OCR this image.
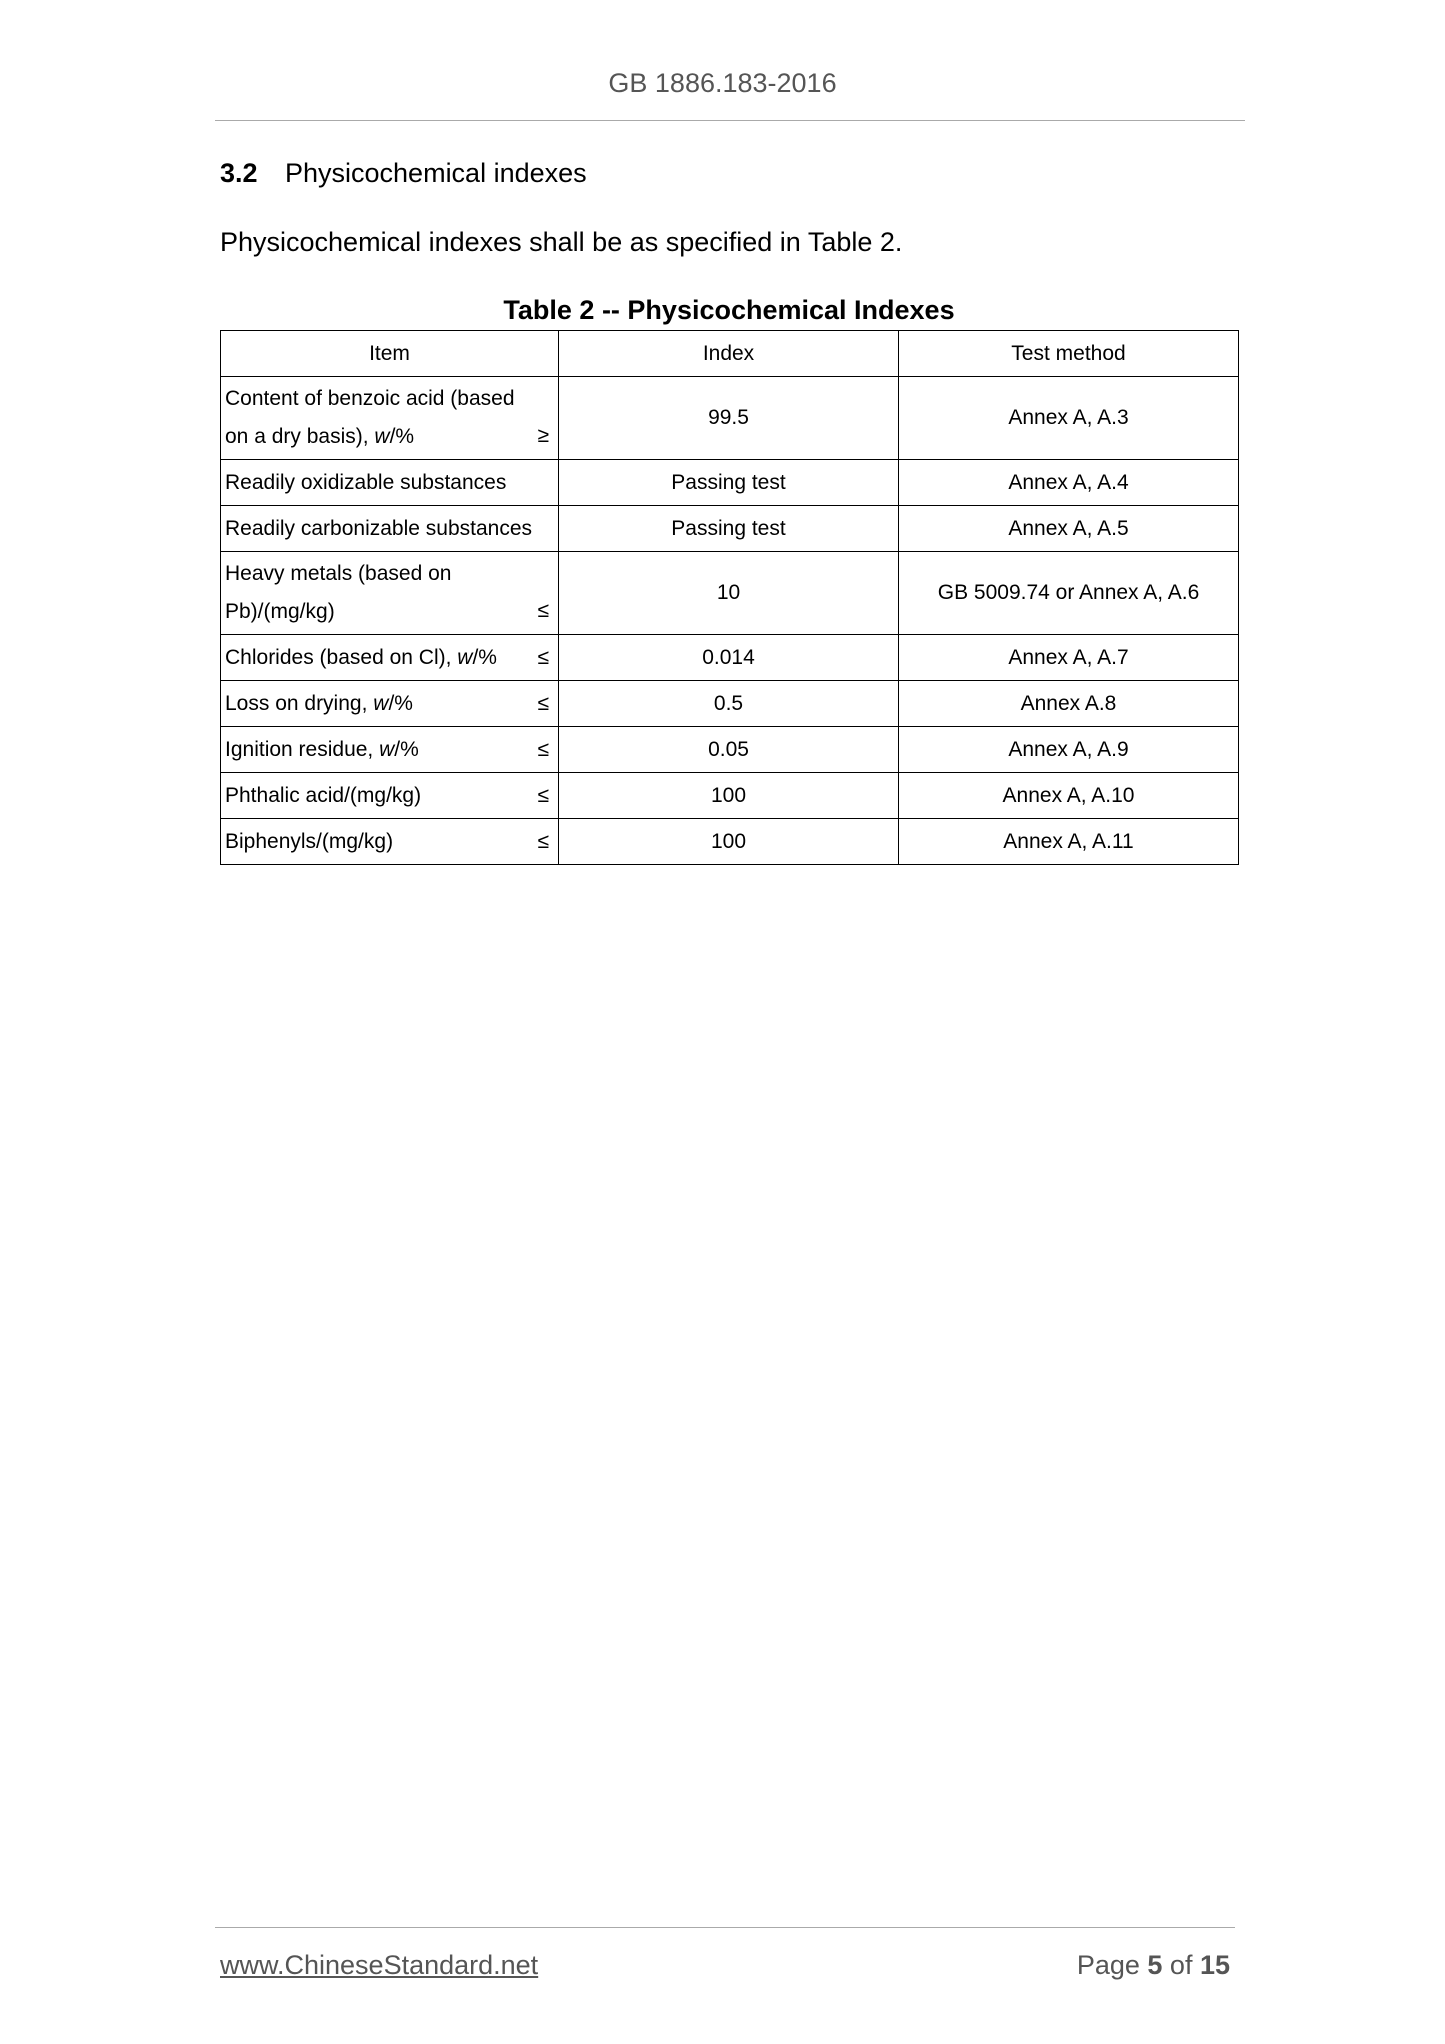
GB 1886.183-2016
3.2 Physicochemical indexes
Physicochemical indexes shall be as specified in Table 2.
Table 2 -- Physicochemical Indexes
Item	Index	Test method

Content of benzoic acid (based on a dry basis), w/% ≥	99.5	Annex A, A.3

Readily oxidizable substances	Passing test	Annex A, A.4

Readily carbonizable substances	Passing test	Annex A, A.5

Heavy metals (based on Pb)/(mg/kg) ≤	10	GB 5009.74 or Annex A, A.6

Chlorides (based on Cl), w/% ≤	0.014	Annex A, A.7

Loss on drying, w/% ≤	0.5	Annex A.8

Ignition residue, w/% ≤	0.05	Annex A, A.9

Phthalic acid/(mg/kg) ≤	100	Annex A, A.10

Biphenyls/(mg/kg) ≤	100	Annex A, A.11
www.ChineseStandard.net	Page 5 of 15
